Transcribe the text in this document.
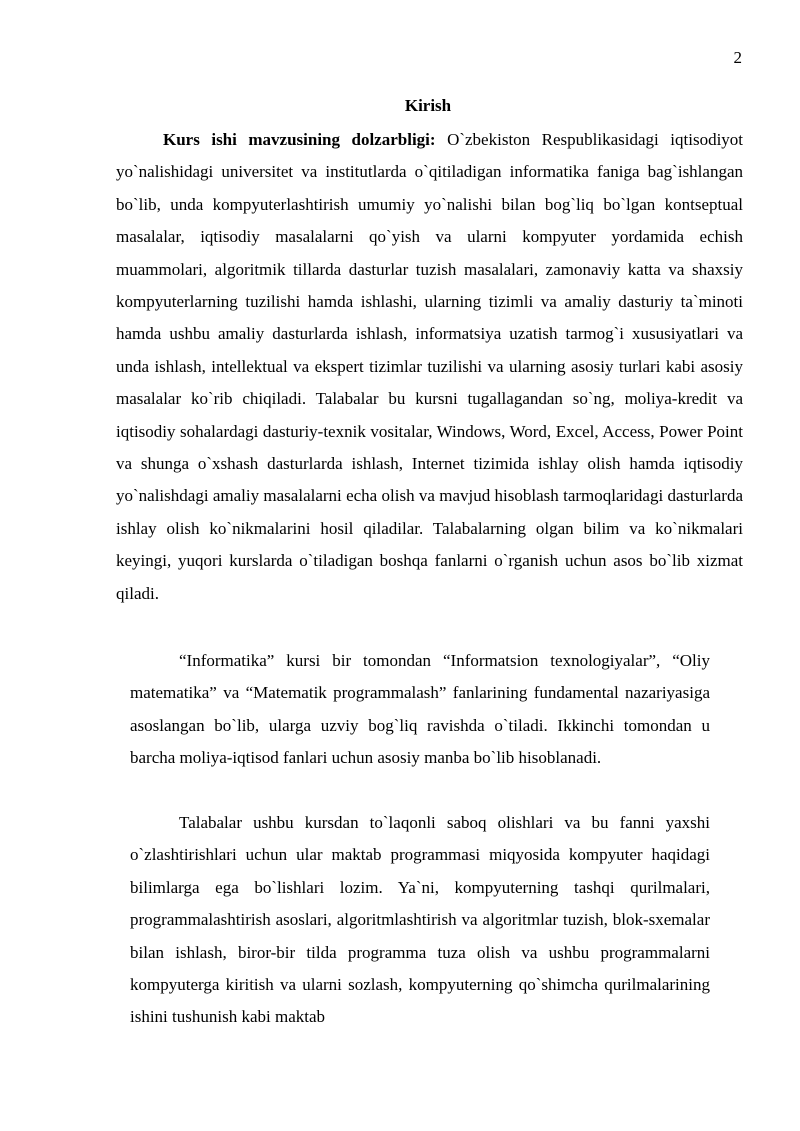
2
Kirish

Kurs ishi mavzusining dolzarbligi: O`zbekiston Respublikasidagi iqtisodiyot yo`nalishidagi universitet va institutlarda o`qitiladigan informatika faniga bag`ishlangan bo`lib, unda kompyuterlashtirish umumiy yo`nalishi bilan bog`liq bo`lgan kontseptual masalalar, iqtisodiy masalalarni qo`yish va ularni kompyuter yordamida echish muammolari, algoritmik tillarda dasturlar tuzish masalalari, zamonaviy katta va shaxsiy kompyuterlarning tuzilishi hamda ishlashi, ularning tizimli va amaliy dasturiy ta`minoti hamda ushbu amaliy dasturlarda ishlash, informatsiya uzatish tarmog`i xususiyatlari va unda ishlash, intellektual va ekspert tizimlar tuzilishi va ularning asosiy turlari kabi asosiy masalalar ko`rib chiqiladi. Talabalar bu kursni tugallagandan so`ng, moliya-kredit va iqtisodiy sohalardagi dasturiy-texnik vositalar, Windows, Word, Excel, Access, Power Point va shunga o`xshash dasturlarda ishlash, Internet tizimida ishlay olish hamda iqtisodiy yo`nalishdagi amaliy masalalarni echa olish va mavjud hisoblash tarmoqlaridagi dasturlarda ishlay olish ko`nikmalarini hosil qiladilar. Talabalarning olgan bilim va ko`nikmalari keyingi, yuqori kurslarda o`tiladigan boshqa fanlarni o`rganish uchun asos bo`lib xizmat qiladi.

“Informatika” kursi bir tomondan “Informatsion texnologiyalar”, “Oliy matematika” va “Matematik programmalash” fanlarining fundamental nazariyasiga asoslangan bo`lib, ularga uzviy bog`liq ravishda o`tiladi. Ikkinchi tomondan u barcha moliya-iqtisod fanlari uchun asosiy manba bo`lib hisoblanadi.

Talabalar ushbu kursdan to`laqonli saboq olishlari va bu fanni yaxshi o`zlashtirishlari uchun ular maktab programmasi miqyosida kompyuter haqidagi bilimlarga ega bo`lishlari lozim. Ya`ni, kompyuterning tashqi qurilmalari, programmalashtirish asoslari, algoritmlashtirish va algoritmlar tuzish, blok-sxemalar bilan ishlash, biror-bir tilda programma tuza olish va ushbu programmalarni kompyuterga kiritish va ularni sozlash, kompyuterning qo`shimcha qurilmalarining ishini tushunish kabi maktab
